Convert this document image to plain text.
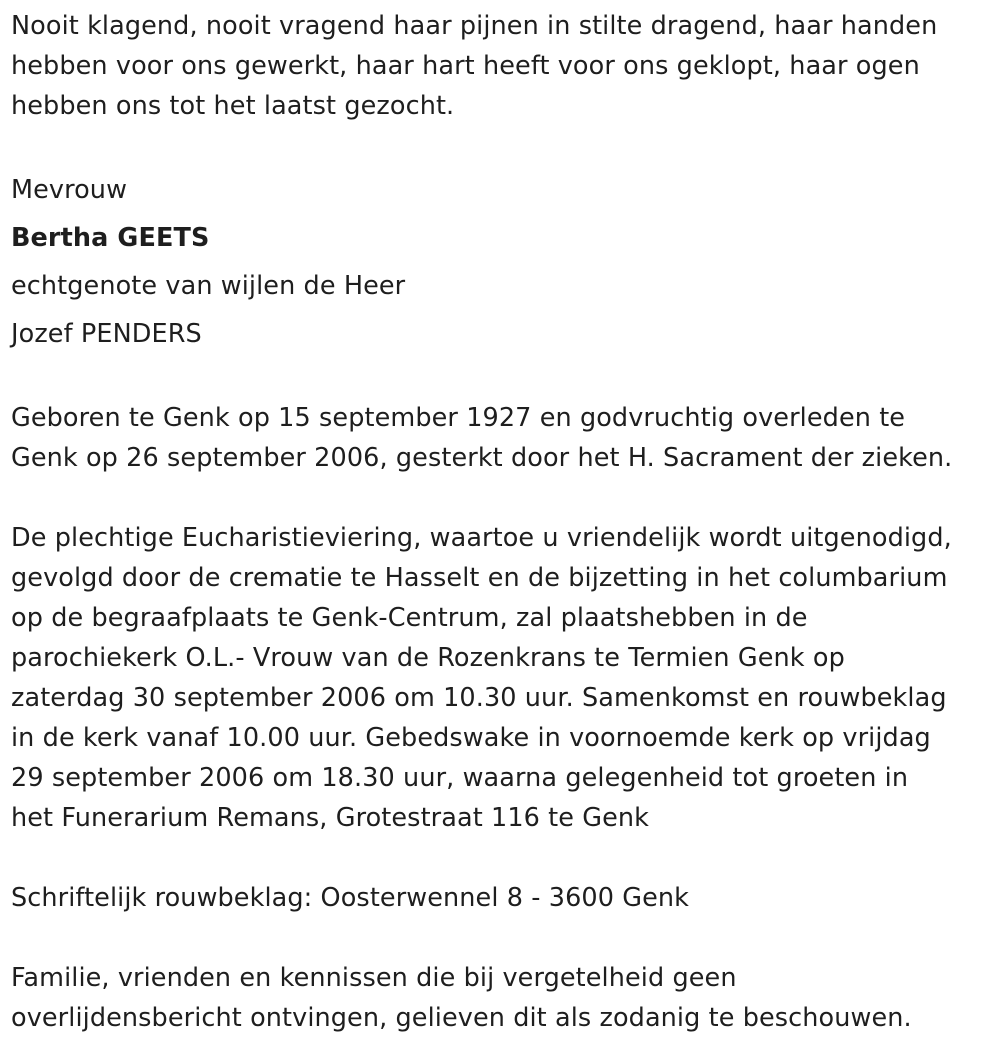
Nooit klagend, nooit vragend haar pijnen in stilte dragend, haar handen
hebben voor ons gewerkt, haar hart heeft voor ons geklopt, haar ogen
hebben ons tot het laatst gezocht.
Mevrouw
Bertha GEETS
echtgenote van wijlen de Heer
Jozef PENDERS
Geboren te Genk op 15 september 1927 en godvruchtig overleden te
Genk op 26 september 2006, gesterkt door het H. Sacrament der zieken.
De plechtige Eucharistieviering, waartoe u vriendelijk wordt uitgenodigd,
gevolgd door de crematie te Hasselt en de bijzetting in het columbarium
op de begraafplaats te Genk-Centrum, zal plaatshebben in de
parochiekerk O.L.- Vrouw van de Rozenkrans te Termien Genk op
zaterdag 30 september 2006 om 10.30 uur. Samenkomst en rouwbeklag
in de kerk vanaf 10.00 uur. Gebedswake in voornoemde kerk op vrijdag
29 september 2006 om 18.30 uur, waarna gelegenheid tot groeten in
het Funerarium Remans, Grotestraat 116 te Genk
Schriftelijk rouwbeklag: Oosterwennel 8 - 3600 Genk
Familie, vrienden en kennissen die bij vergetelheid geen
overlijdensbericht ontvingen, gelieven dit als zodanig te beschouwen.
